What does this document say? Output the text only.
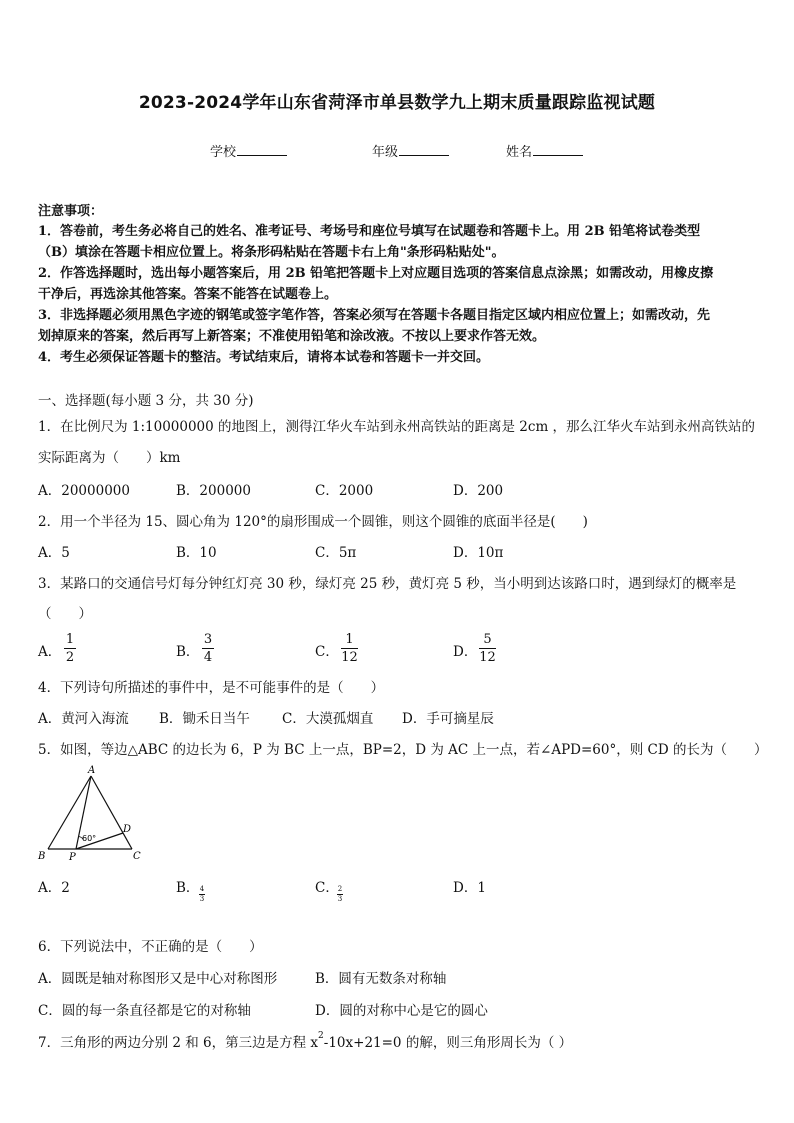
2023-2024学年山东省菏泽市单县数学九上期末质量跟踪监视试题
学校	年级	姓名
注意事项：
1．答卷前，考生务必将自己的姓名、准考证号、考场号和座位号填写在试题卷和答题卡上。用 2B 铅笔将试卷类型
（B）填涂在答题卡相应位置上。将条形码粘贴在答题卡右上角"条形码粘贴处"。
2．作答选择题时，选出每小题答案后，用 2B 铅笔把答题卡上对应题目选项的答案信息点涂黑；如需改动，用橡皮擦
干净后，再选涂其他答案。答案不能答在试题卷上。
3．非选择题必须用黑色字迹的钢笔或签字笔作答，答案必须写在答题卡各题目指定区域内相应位置上；如需改动，先
划掉原来的答案，然后再写上新答案；不准使用铅笔和涂改液。不按以上要求作答无效。
4．考生必须保证答题卡的整洁。考试结束后，请将本试卷和答题卡一并交回。
一、选择题(每小题 3 分，共 30 分)
1．在比例尺为 1:10000000 的地图上，测得江华火车站到永州高铁站的距离是 2cm ，那么江华火车站到永州高铁站的
实际距离为（　　）km
A．20000000	B．200000	C．2000	D．200
2．用一个半径为 15、圆心角为 120°的扇形围成一个圆锥，则这个圆锥的底面半径是(　　)
A．5	B．10	C．5π	D．10π
3．某路口的交通信号灯每分钟红灯亮 30 秒，绿灯亮 25 秒，黄灯亮 5 秒，当小明到达该路口时，遇到绿灯的概率是
（　　）
A．
1
2	B．
3
4	C．
1
12	D．
5
12
4．下列诗句所描述的事件中，是不可能事件的是（　　）
A．黄河入海流 B．锄禾日当午 C．大漠孤烟直 D．手可摘星辰
5．如图，等边△ABC 的边长为 6，P 为 BC 上一点，BP=2，D 为 AC 上一点，若∠APD=60°，则 CD 的长为（　　）
A
B	C
D
P
60°
A．2	B． 4
3
C．
2
3
D．1
6．下列说法中，不正确的是（　　）
A．圆既是轴对称图形又是中心对称图形	B．圆有无数条对称轴
C．圆的每一条直径都是它的对称轴	D．圆的对称中心是它的圆心
7．三角形的两边分别 2 和 6，第三边是方程 $x^2-10x+21=0$ 的解，则三角形周长为（ ）
